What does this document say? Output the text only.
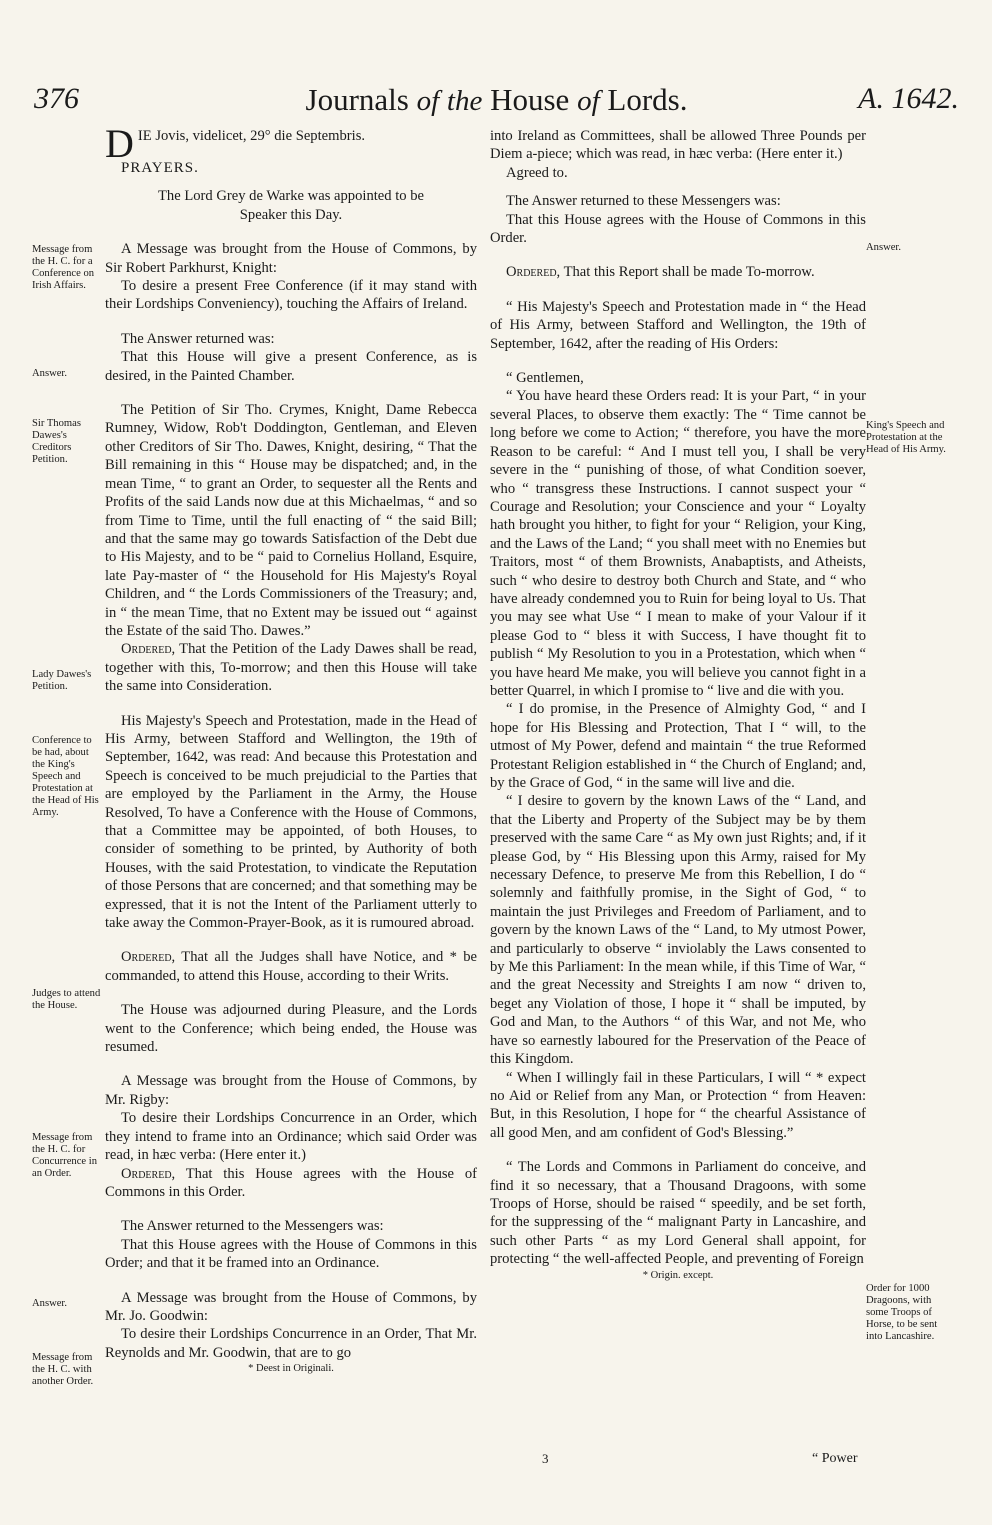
376	Journals of the House of Lords.	A. 1642.
D IE Jovis, videlicet, 29° die Septembris.

PRAYERS.

The Lord Grey de Warke was appointed to be

Speaker this Day.

A Message was brought from the House of Commons, by Sir Robert Parkhurst, Knight:

To desire a present Free Conference (if it may stand with their Lordships Conveniency), touching the Affairs of Ireland.

The Answer returned was:

That this House will give a present Conference, as is desired, in the Painted Chamber.

The Petition of Sir Tho. Crymes, Knight, Dame Rebecca Rumney, Widow, Rob't Doddington, Gentleman, and Eleven other Creditors of Sir Tho. Dawes, Knight, desiring, “ That the Bill remaining in this “ House may be dispatched; and, in the mean Time, “ to grant an Order, to sequester all the Rents and Profits of the said Lands now due at this Michaelmas, “ and so from Time to Time, until the full enacting of “ the said Bill; and that the same may go towards Satisfaction of the Debt due to His Majesty, and to be “ paid to Cornelius Holland, Esquire, late Pay-master of “ the Household for His Majesty's Royal Children, and “ the Lords Commissioners of the Treasury; and, in “ the mean Time, that no Extent may be issued out “ against the Estate of the said Tho. Dawes.”

Ordered, That the Petition of the Lady Dawes shall be read, together with this, To-morrow; and then this House will take the same into Consideration.

His Majesty's Speech and Protestation, made in the Head of His Army, between Stafford and Wellington, the 19th of September, 1642, was read: And because this Protestation and Speech is conceived to be much prejudicial to the Parties that are employed by the Parliament in the Army, the House Resolved, To have a Conference with the House of Commons, that a Committee may be appointed, of both Houses, to consider of something to be printed, by Authority of both Houses, with the said Protestation, to vindicate the Reputation of those Persons that are concerned; and that something may be expressed, that it is not the Intent of the Parliament utterly to take away the Common-Prayer-Book, as it is rumoured abroad.

Ordered, That all the Judges shall have Notice, and * be commanded, to attend this House, according to their Writs.

The House was adjourned during Pleasure, and the Lords went to the Conference; which being ended, the House was resumed.

A Message was brought from the House of Commons, by Mr. Rigby:

To desire their Lordships Concurrence in an Order, which they intend to frame into an Ordinance; which said Order was read, in hæc verba: (Here enter it.)

Ordered, That this House agrees with the House of Commons in this Order.

The Answer returned to the Messengers was:

That this House agrees with the House of Commons in this Order; and that it be framed into an Ordinance.

A Message was brought from the House of Commons, by Mr. Jo. Goodwin:

To desire their Lordships Concurrence in an Order, That Mr. Reynolds and Mr. Goodwin, that are to go

* Deest in Originali.

into Ireland as Committees, shall be allowed Three Pounds per Diem a-piece; which was read, in hæc verba: (Here enter it.)

Agreed to.

The Answer returned to these Messengers was:

That this House agrees with the House of Commons in this Order.

Ordered, That this Report shall be made To-morrow.

“ His Majesty's Speech and Protestation made in “ the Head of His Army, between Stafford and Wellington, the 19th of September, 1642, after the reading of His Orders:

“ Gentlemen,

“ You have heard these Orders read: It is your Part, “ in your several Places, to observe them exactly: The “ Time cannot be long before we come to Action; “ therefore, you have the more Reason to be careful: “ And I must tell you, I shall be very severe in the “ punishing of those, of what Condition soever, who “ transgress these Instructions. I cannot suspect your “ Courage and Resolution; your Conscience and your “ Loyalty hath brought you hither, to fight for your “ Religion, your King, and the Laws of the Land; “ you shall meet with no Enemies but Traitors, most “ of them Brownists, Anabaptists, and Atheists, such “ who desire to destroy both Church and State, and “ who have already condemned you to Ruin for being loyal to Us. That you may see what Use “ I mean to make of your Valour if it please God to “ bless it with Success, I have thought fit to publish “ My Resolution to you in a Protestation, which when “ you have heard Me make, you will believe you cannot fight in a better Quarrel, in which I promise to “ live and die with you.

“ I do promise, in the Presence of Almighty God, “ and I hope for His Blessing and Protection, That I “ will, to the utmost of My Power, defend and maintain “ the true Reformed Protestant Religion established in “ the Church of England; and, by the Grace of God, “ in the same will live and die.

“ I desire to govern by the known Laws of the “ Land, and that the Liberty and Property of the Subject may be by them preserved with the same Care “ as My own just Rights; and, if it please God, by “ His Blessing upon this Army, raised for My necessary Defence, to preserve Me from this Rebellion, I do “ solemnly and faithfully promise, in the Sight of God, “ to maintain the just Privileges and Freedom of Parliament, and to govern by the known Laws of the “ Land, to My utmost Power, and particularly to observe “ inviolably the Laws consented to by Me this Parliament: In the mean while, if this Time of War, “ and the great Necessity and Streights I am now “ driven to, beget any Violation of those, I hope it “ shall be imputed, by God and Man, to the Authors “ of this War, and not Me, who have so earnestly laboured for the Preservation of the Peace of this Kingdom.

“ When I willingly fail in these Particulars, I will “ * expect no Aid or Relief from any Man, or Protection “ from Heaven: But, in this Resolution, I hope for “ the chearful Assistance of all good Men, and am confident of God's Blessing.”

“ The Lords and Commons in Parliament do conceive, and find it so necessary, that a Thousand Dragoons, with some Troops of Horse, should be raised “ speedily, and be set forth, for the suppressing of the “ malignant Party in Lancashire, and such other Parts “ as my Lord General shall appoint, for protecting “ the well-affected People, and preventing of Foreign

* Origin. except.

Message from the H. C. for a Conference on Irish Affairs.
Answer.
Sir Thomas Dawes's Creditors Petition.
Lady Dawes's Petition.
Conference to be had, about the King's Speech and Protestation at the Head of His Army.
Judges to attend the House.
Message from the H. C. for Concurrence in an Order.
Answer.
Message from the H. C. with another Order.
Answer.
King's Speech and Protestation at the Head of His Army.
Order for 1000 Dragoons, with some Troops of Horse, to be sent into Lancashire.
3	“ Power
